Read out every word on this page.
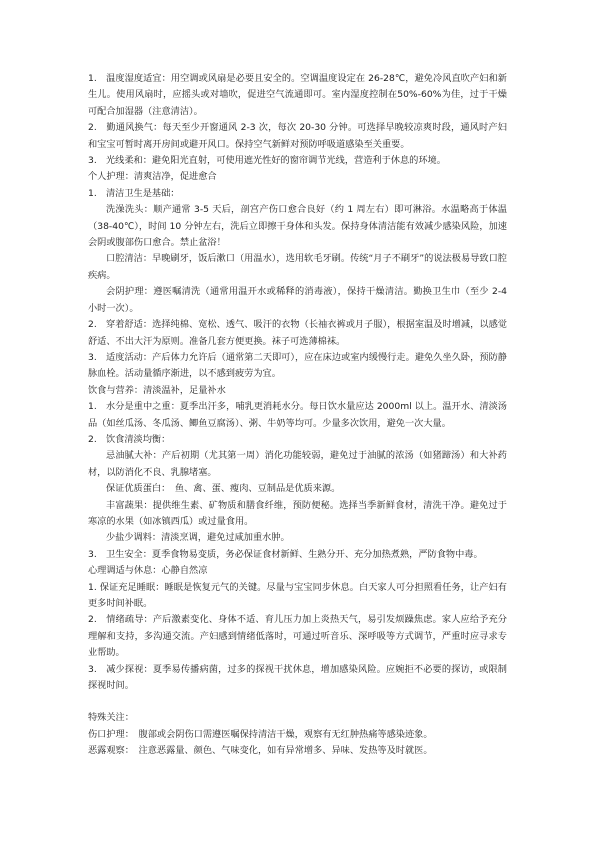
1.　温度湿度适宜：用空调或风扇是必要且安全的。空调温度设定在 26-28℃，避免冷风直吹产妇和新生儿。使用风扇时，应摇头或对墙吹，促进空气流通即可。室内湿度控制在50%-60%为佳，过于干燥可配合加湿器（注意清洁）。

2.　勤通风换气：每天至少开窗通风 2-3 次，每次 20-30 分钟。可选择早晚较凉爽时段，通风时产妇和宝宝可暂时离开房间或避开风口。保持空气新鲜对预防呼吸道感染至关重要。

3.　光线柔和：避免阳光直射，可使用遮光性好的窗帘调节光线，营造利于休息的环境。

个人护理：清爽洁净，促进愈合

1.　清洁卫生是基础：

洗澡洗头：顺产通常 3-5 天后，剖宫产伤口愈合良好（约 1 周左右）即可淋浴。水温略高于体温（38-40℃），时间 10 分钟左右，洗后立即擦干身体和头发。保持身体清洁能有效减少感染风险，加速会阴或腹部伤口愈合。禁止盆浴！

口腔清洁：早晚刷牙，饭后漱口（用温水），选用软毛牙刷。传统“月子不刷牙”的说法极易导致口腔疾病。

会阴护理：遵医嘱清洗（通常用温开水或稀释的消毒液），保持干燥清洁。勤换卫生巾（至少 2-4 小时一次）。

2.　穿着舒适：选择纯棉、宽松、透气、吸汗的衣物（长袖衣裤或月子服），根据室温及时增减，以感觉舒适、不出大汗为原则。准备几套方便更换。袜子可选薄棉袜。

3.　适度活动：产后体力允许后（通常第二天即可），应在床边或室内缓慢行走。避免久坐久卧，预防静脉血栓。活动量循序渐进，以不感到疲劳为宜。

饮食与营养：清淡温补，足量补水

1.　水分是重中之重：夏季出汗多，哺乳更消耗水分。每日饮水量应达 2000ml 以上。温开水、清淡汤品（如丝瓜汤、冬瓜汤、鲫鱼豆腐汤）、粥、牛奶等均可。少量多次饮用，避免一次大量。

2.　饮食清淡均衡：

忌油腻大补：产后初期（尤其第一周）消化功能较弱，避免过于油腻的浓汤（如猪蹄汤）和大补药材，以防消化不良、乳腺堵塞。

保证优质蛋白：　鱼、禽、蛋、瘦肉、豆制品是优质来源。

丰富蔬果：提供维生素、矿物质和膳食纤维，预防便秘。选择当季新鲜食材，清洗干净。避免过于寒凉的水果（如冰镇西瓜）或过量食用。

少盐少调料：清淡烹调，避免过咸加重水肿。

3.　卫生安全：夏季食物易变质，务必保证食材新鲜、生熟分开、充分加热煮熟，严防食物中毒。

心理调适与休息：心静自然凉

1. 保证充足睡眠：睡眠是恢复元气的关键。尽量与宝宝同步休息。白天家人可分担照看任务，让产妇有更多时间补眠。

2.　情绪疏导：产后激素变化、身体不适、育儿压力加上炎热天气，易引发烦躁焦虑。家人应给予充分理解和支持，多沟通交流。产妇感到情绪低落时，可通过听音乐、深呼吸等方式调节，严重时应寻求专业帮助。

3.　减少探视：夏季易传播病菌，过多的探视干扰休息，增加感染风险。应婉拒不必要的探访，或限制探视时间。

特殊关注：

伤口护理：　腹部或会阴伤口需遵医嘱保持清洁干燥，观察有无红肿热痛等感染迹象。

恶露观察：　注意恶露量、颜色、气味变化，如有异常增多、异味、发热等及时就医。
